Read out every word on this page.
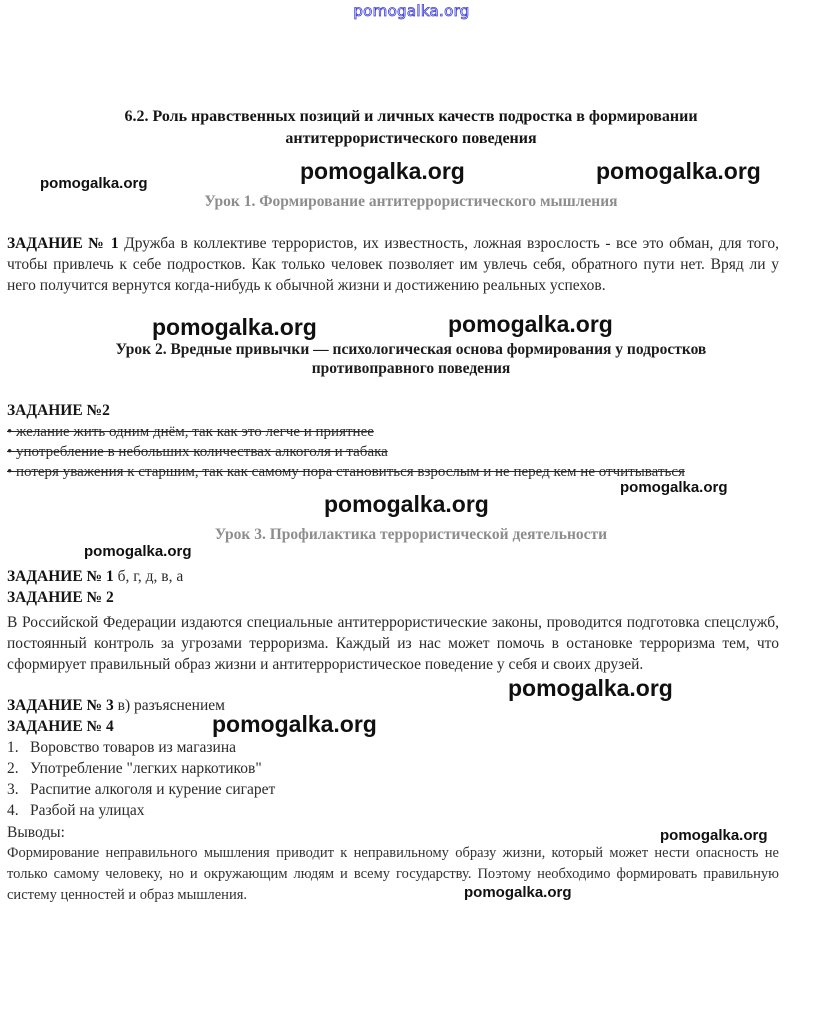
pomogalka.org
6.2. Роль нравственных позиций и личных качеств подростка в формировании антитеррористического поведения
Урок 1. Формирование антитеррористического мышления
ЗАДАНИЕ № 1 Дружба в коллективе террористов, их известность, ложная взрослость - все это обман, для того, чтобы привлечь к себе подростков. Как только человек позволяет им увлечь себя, обратного пути нет. Вряд ли у него получится вернутся когда-нибудь к обычной жизни и достижению реальных успехов.
Урок 2. Вредные привычки — психологическая основа формирования у подростков
противоправного поведения
ЗАДАНИЕ №2
• желание жить одним днём, так как это легче и приятнее
• употребление в небольших количествах алкоголя и табака
• потеря уважения к старшим, так как самому пора становиться взрослым и не перед кем не отчитываться
Урок 3. Профилактика террористической деятельности
ЗАДАНИЕ № 1 б, г, д, в, а
ЗАДАНИЕ № 2
В Российской Федерации издаются специальные антитеррористические законы, проводится подготовка спецслужб, постоянный контроль за угрозами терроризма. Каждый из нас может помочь в остановке терроризма тем, что сформирует правильный образ жизни и антитеррористическое поведение у себя и своих друзей.
ЗАДАНИЕ № 3 в) разъяснением
ЗАДАНИЕ № 4
1. Воровство товаров из магазина
2. Употребление "легких наркотиков"
3. Распитие алкоголя и курение сигарет
4. Разбой на улицах
Выводы:
Формирование неправильного мышления приводит к неправильному образу жизни, который может нести опасность не только самому человеку, но и окружающим людям и всему государству. Поэтому необходимо формировать правильную систему ценностей и образ мышления.
pomogalka.org	pomogalka.org	pomogalka.org
pomogalka.org	pomogalka.org
pomogalka.org
pomogalka.org
pomogalka.org
pomogalka.org
pomogalka.org
pomogalka.org
pomogalka.org
pomogalka.org
